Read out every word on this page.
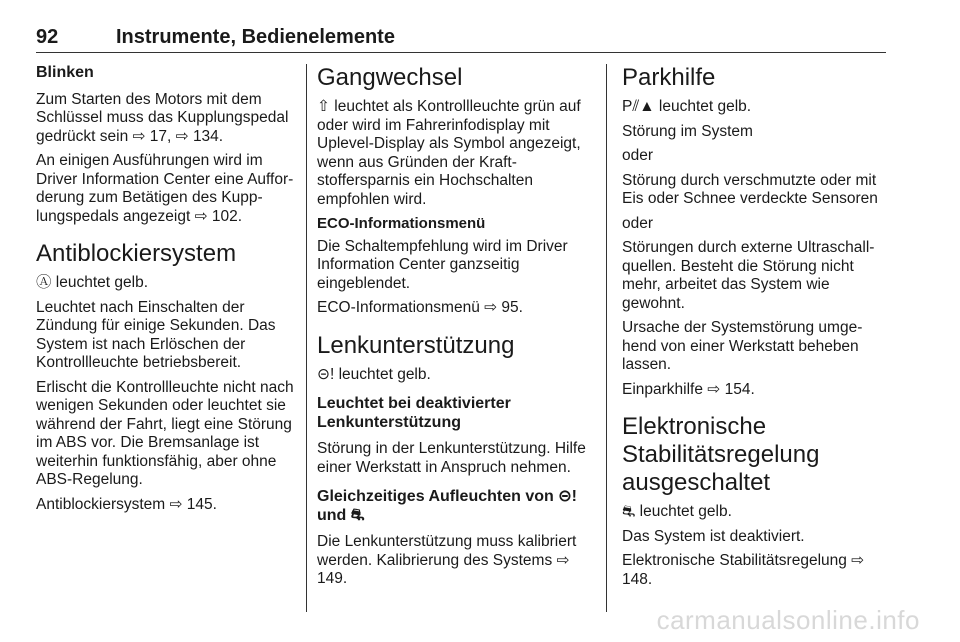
92	Instrumente, Bedienelemente
Blinken

Zum Starten des Motors mit dem Schlüssel muss das Kupplungspedal gedrückt sein ⇨ 17, ⇨ 134.

An einigen Ausführungen wird im Driver Information Center eine Aufforderung zum Betätigen des Kupplungspedals angezeigt ⇨ 102.

Antiblockiersystem

Ⓐ leuchtet gelb.

Leuchtet nach Einschalten der Zündung für einige Sekunden. Das System ist nach Erlöschen der Kontrollleuchte betriebsbereit.

Erlischt die Kontrollleuchte nicht nach wenigen Sekunden oder leuchtet sie während der Fahrt, liegt eine Störung im ABS vor. Die Bremsanlage ist weiterhin funktionsfähig, aber ohne ABS-Regelung.

Antiblockiersystem ⇨ 145.

Gangwechsel

⇧ leuchtet als Kontrollleuchte grün auf oder wird im Fahrerinfodisplay mit Uplevel-Display als Symbol angezeigt, wenn aus Gründen der Kraftstoffersparnis ein Hochschalten empfohlen wird.

ECO-Informationsmenü

Die Schaltempfehlung wird im Driver Information Center ganzseitig eingeblendet.

ECO-Informationsmenü ⇨ 95.

Lenkunterstützung

⊝! leuchtet gelb.

Leuchtet bei deaktivierter Lenkunterstützung

Störung in der Lenkunterstützung. Hilfe einer Werkstatt in Anspruch nehmen.

Gleichzeitiges Aufleuchten von ⊝! und ⛐

Die Lenkunterstützung muss kalibriert werden. Kalibrierung des Systems ⇨ 149.

Parkhilfe

P⫽▲ leuchtet gelb.

Störung im System

oder

Störung durch verschmutzte oder mit Eis oder Schnee verdeckte Sensoren

oder

Störungen durch externe Ultraschallquellen. Besteht die Störung nicht mehr, arbeitet das System wie gewohnt.

Ursache der Systemstörung umgehend von einer Werkstatt beheben lassen.

Einparkhilfe ⇨ 154.

Elektronische Stabilitätsregelung ausgeschaltet

⛐ leuchtet gelb.

Das System ist deaktiviert.

Elektronische Stabilitätsregelung ⇨ 148.

carmanualsonline.info
